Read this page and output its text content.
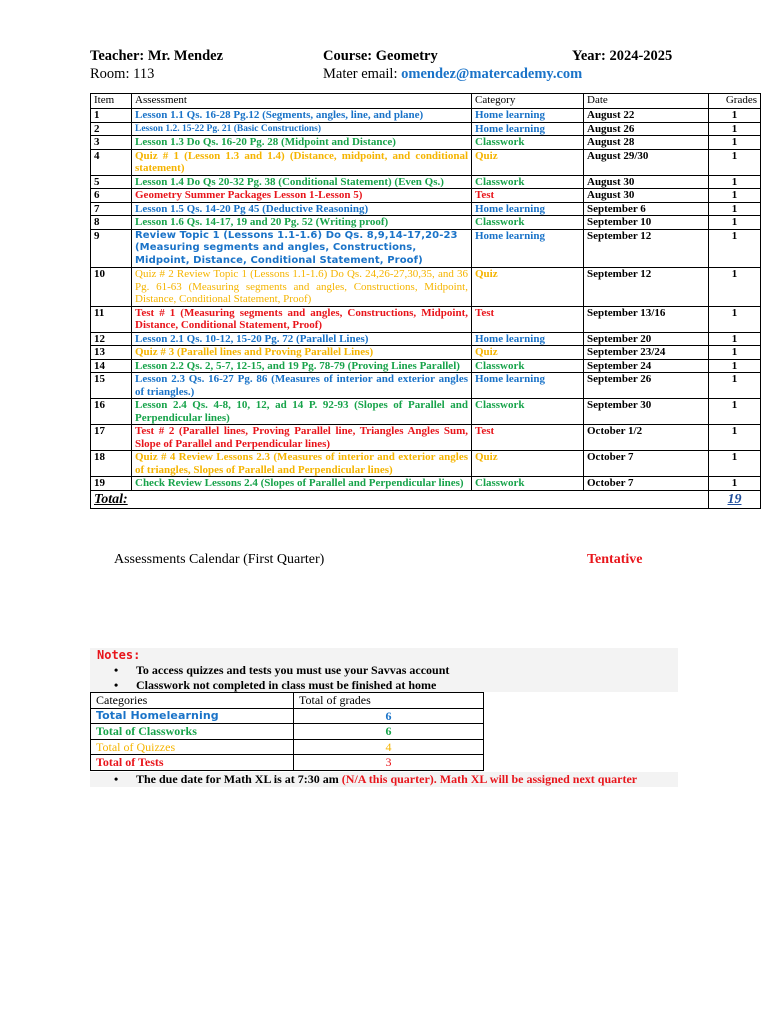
Teacher: Mr. Mendez	Course: Geometry	Year: 2024-2025
Room: 113	Mater email: omendez@matercademy.com
Item	Assessment	Category	Date	Grades
1	Lesson 1.1 Qs. 16-28 Pg.12 (Segments, angles, line, and plane)	Home learning	August 22	1
2	Lesson 1.2. 15-22 Pg. 21 (Basic Constructions)	Home learning	August 26	1
3	Lesson 1.3 Do Qs. 16-20 Pg. 28 (Midpoint and Distance)	Classwork	August 28	1
4	Quiz # 1 (Lesson 1.3 and 1.4) (Distance, midpoint, and conditional statement)	Quiz	August 29/30	1
5	Lesson 1.4 Do Qs 20-32 Pg. 38 (Conditional Statement) (Even Qs.)	Classwork	August 30	1
6	Geometry Summer Packages Lesson 1-Lesson 5)	Test	August 30	1
7	Lesson 1.5 Qs. 14-20 Pg 45 (Deductive Reasoning)	Home learning	September 6	1
8	Lesson 1.6 Qs. 14-17, 19 and 20 Pg. 52 (Writing proof)	Classwork	September 10	1
9	Review Topic 1 (Lessons 1.1-1.6) Do Qs. 8,9,14-17,20-23 (Measuring segments and angles, Constructions, Midpoint, Distance, Conditional Statement, Proof)	Home learning	September 12	1
10	Quiz # 2 Review Topic 1 (Lessons 1.1-1.6) Do Qs. 24,26-27,30,35, and 36 Pg. 61-63 (Measuring segments and angles, Constructions, Midpoint, Distance, Conditional Statement, Proof)	Quiz	September 12	1
11	Test # 1 (Measuring segments and angles, Constructions, Midpoint, Distance, Conditional Statement, Proof)	Test	September 13/16	1
12	Lesson 2.1 Qs. 10-12, 15-20 Pg. 72 (Parallel Lines)	Home learning	September 20	1
13	Quiz # 3 (Parallel lines and Proving Parallel Lines)	Quiz	September 23/24	1
14	Lesson 2.2 Qs. 2, 5-7, 12-15, and 19 Pg. 78-79 (Proving Lines Parallel)	Classwork	September 24	1
15	Lesson 2.3 Qs. 16-27 Pg. 86 (Measures of interior and exterior angles of triangles.)	Home learning	September 26	1
16	Lesson 2.4 Qs. 4-8, 10, 12, ad 14 P. 92-93 (Slopes of Parallel and Perpendicular lines)	Classwork	September 30	1
17	Test # 2 (Parallel lines, Proving Parallel line, Triangles Angles Sum, Slope of Parallel and Perpendicular lines)	Test	October 1/2	1
18	Quiz # 4 Review Lessons 2.3 (Measures of interior and exterior angles of triangles, Slopes of Parallel and Perpendicular lines)	Quiz	October 7	1
19	Check Review Lessons 2.4 (Slopes of Parallel and Perpendicular lines)	Classwork	October 7	1
Total:				19
Assessments Calendar (First Quarter)	Tentative
Notes:
• To access quizzes and tests you must use your Savvas account
• Classwork not completed in class must be finished at home
Categories	Total of grades
Total Homelearning	6
Total of Classworks	6
Total of Quizzes	4
Total of Tests	3
• The due date for Math XL is at 7:30 am (N/A this quarter). Math XL will be assigned next quarter
